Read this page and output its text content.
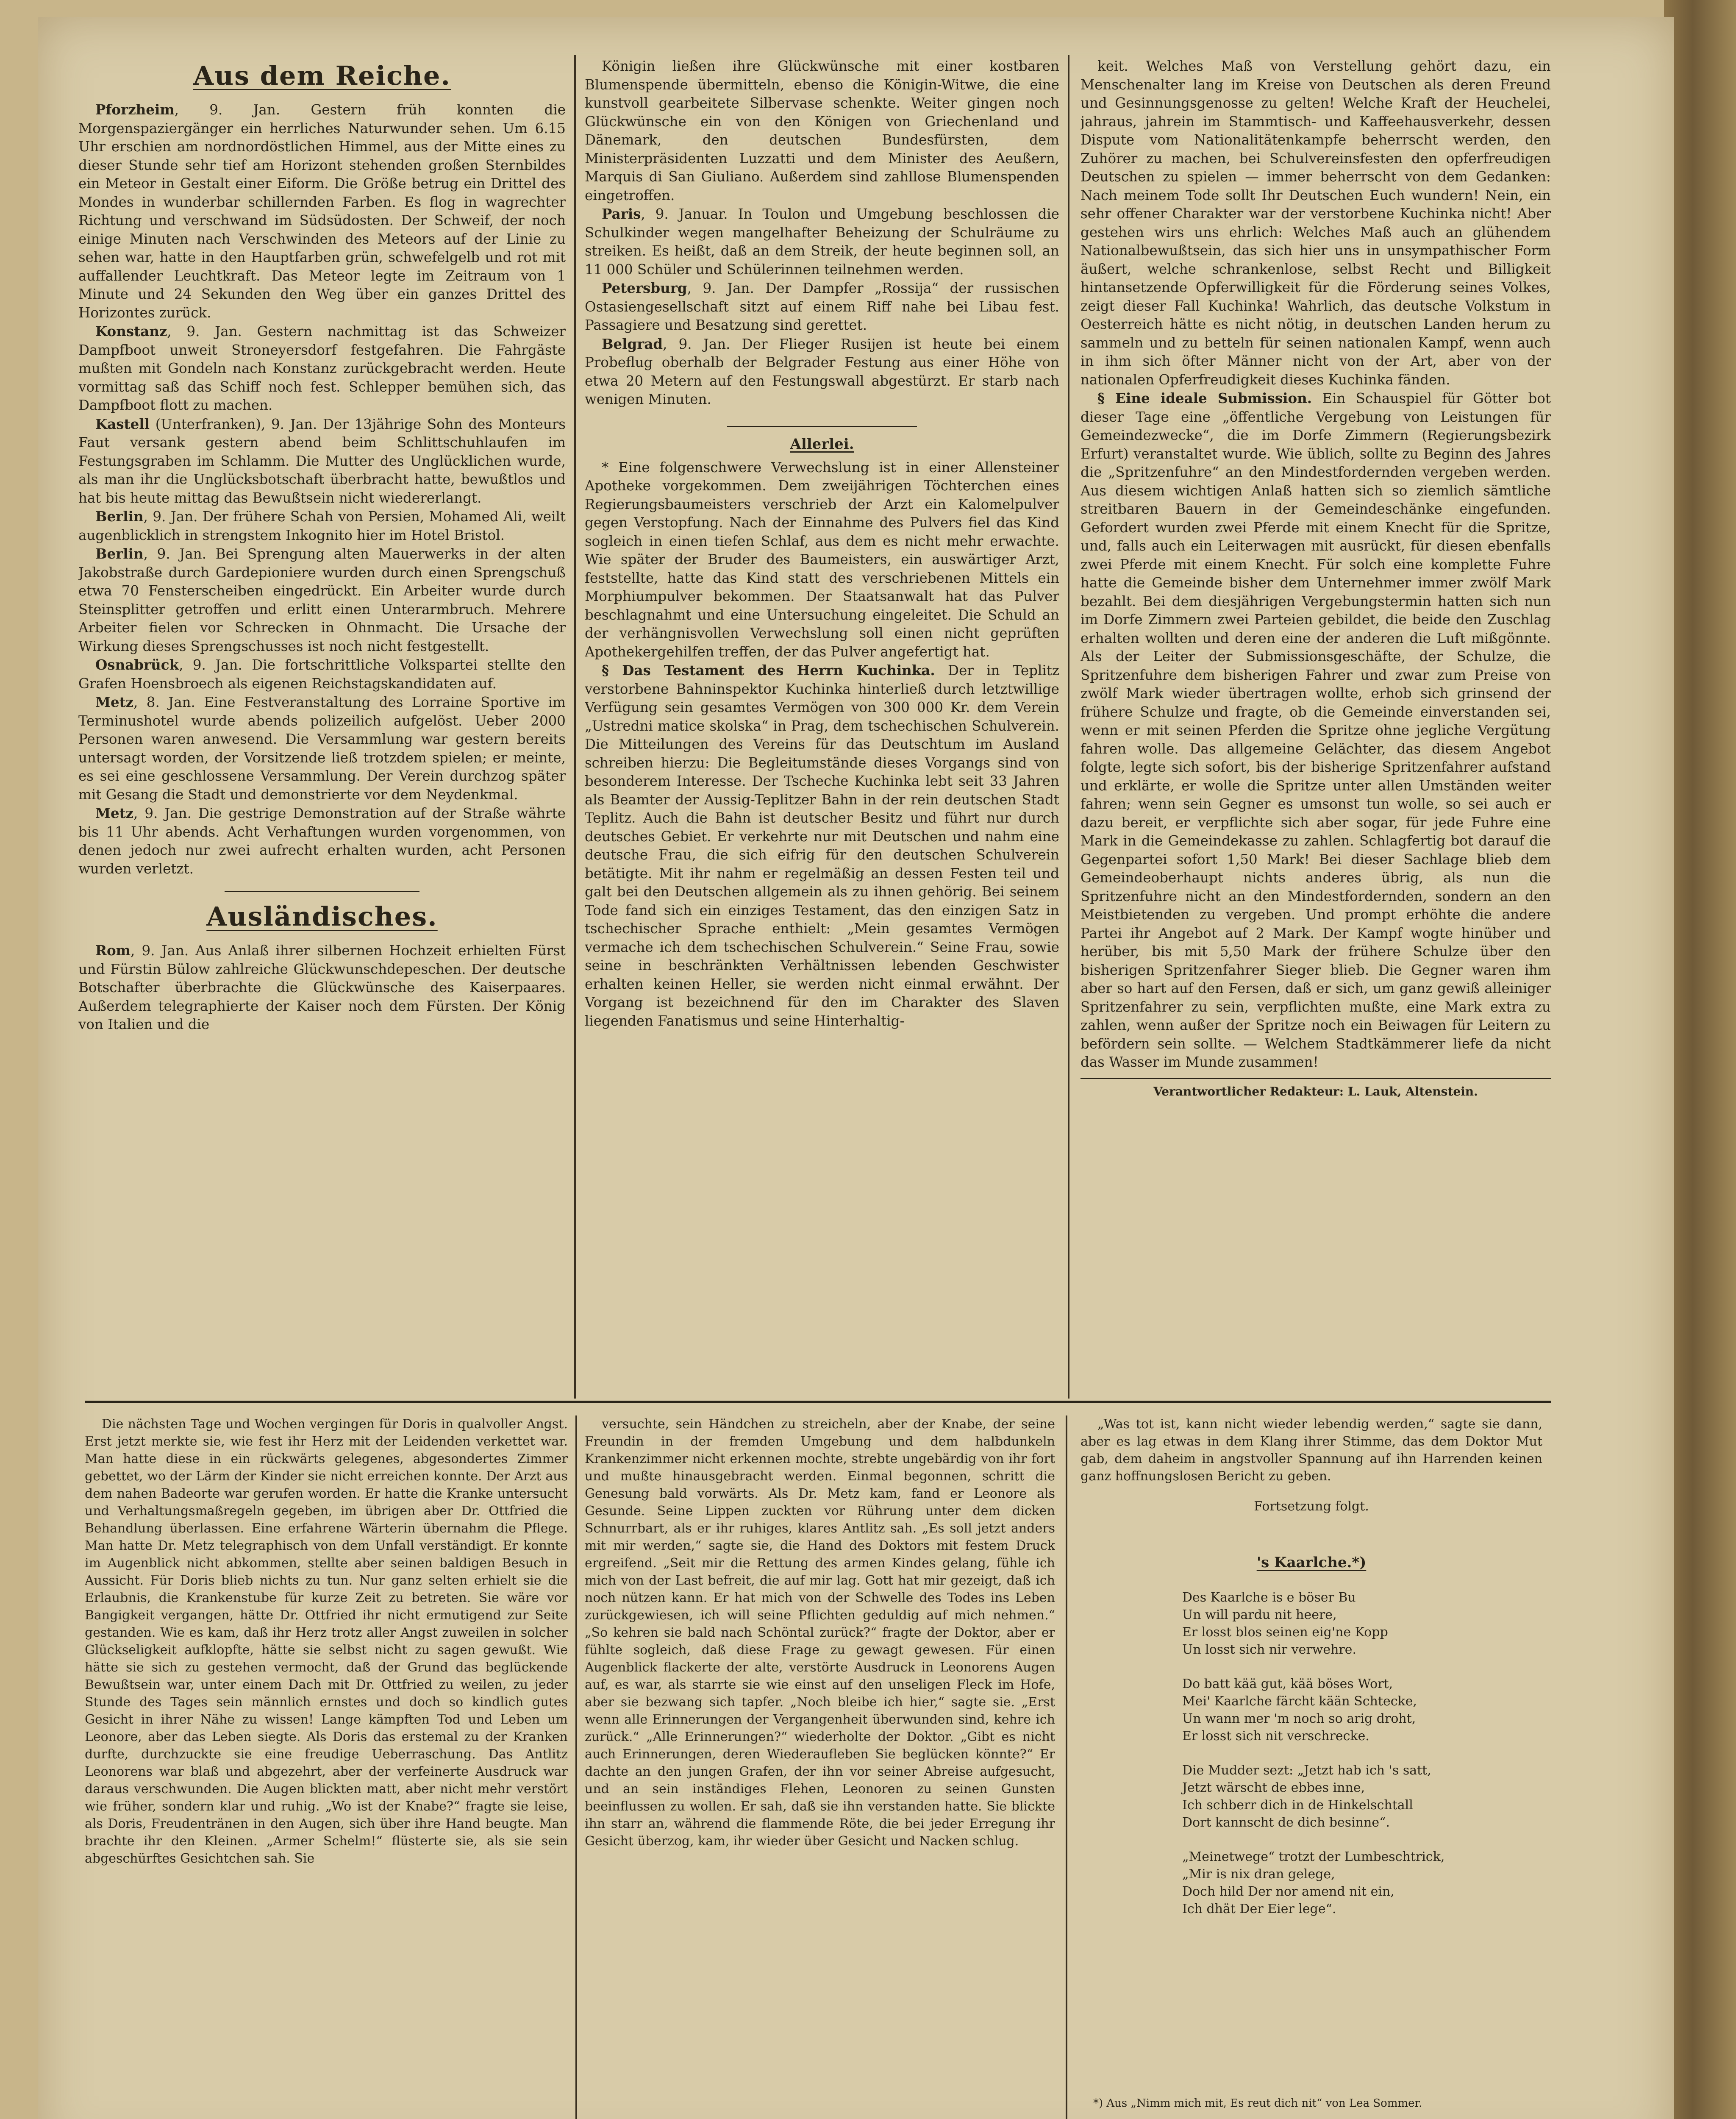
Aus dem Reiche.

Pforzheim, 9. Jan. Gestern früh konnten die Morgenspaziergänger ein herrliches Naturwunder sehen. Um 6.15 Uhr erschien am nordnordöstlichen Himmel, aus der Mitte eines zu dieser Stunde sehr tief am Horizont stehenden großen Sternbildes ein Meteor in Gestalt einer Eiform. Die Größe betrug ein Drittel des Mondes in wunderbar schillernden Farben. Es flog in wagrechter Richtung und verschwand im Südsüdosten. Der Schweif, der noch einige Minuten nach Verschwinden des Meteors auf der Linie zu sehen war, hatte in den Hauptfarben grün, schwefelgelb und rot mit auffallender Leuchtkraft. Das Meteor legte im Zeitraum von 1 Minute und 24 Sekunden den Weg über ein ganzes Drittel des Horizontes zurück.

Konstanz, 9. Jan. Gestern nachmittag ist das Schweizer Dampfboot unweit Stroneyersdorf festgefahren. Die Fahrgäste mußten mit Gondeln nach Konstanz zurückgebracht werden. Heute vormittag saß das Schiff noch fest. Schlepper bemühen sich, das Dampfboot flott zu machen.

Kastell (Unterfranken), 9. Jan. Der 13jährige Sohn des Monteurs Faut versank gestern abend beim Schlittschuhlaufen im Festungsgraben im Schlamm. Die Mutter des Unglücklichen wurde, als man ihr die Unglücksbotschaft überbracht hatte, bewußtlos und hat bis heute mittag das Bewußtsein nicht wiedererlangt.

Berlin, 9. Jan. Der frühere Schah von Persien, Mohamed Ali, weilt augenblicklich in strengstem Inkognito hier im Hotel Bristol.

Berlin, 9. Jan. Bei Sprengung alten Mauerwerks in der alten Jakobstraße durch Gardepioniere wurden durch einen Sprengschuß etwa 70 Fensterscheiben eingedrückt. Ein Arbeiter wurde durch Steinsplitter getroffen und erlitt einen Unterarmbruch. Mehrere Arbeiter fielen vor Schrecken in Ohnmacht. Die Ursache der Wirkung dieses Sprengschusses ist noch nicht festgestellt.

Osnabrück, 9. Jan. Die fortschrittliche Volkspartei stellte den Grafen Hoensbroech als eigenen Reichstagskandidaten auf.

Metz, 8. Jan. Eine Festveranstaltung des Lorraine Sportive im Terminushotel wurde abends polizeilich aufgelöst. Ueber 2000 Personen waren anwesend. Die Versammlung war gestern bereits untersagt worden, der Vorsitzende ließ trotzdem spielen; er meinte, es sei eine geschlossene Versammlung. Der Verein durchzog später mit Gesang die Stadt und demonstrierte vor dem Neydenkmal.

Metz, 9. Jan. Die gestrige Demonstration auf der Straße währte bis 11 Uhr abends. Acht Verhaftungen wurden vorgenommen, von denen jedoch nur zwei aufrecht erhalten wurden, acht Personen wurden verletzt.

Ausländisches.

Rom, 9. Jan. Aus Anlaß ihrer silbernen Hochzeit erhielten Fürst und Fürstin Bülow zahlreiche Glückwunschdepeschen. Der deutsche Botschafter überbrachte die Glückwünsche des Kaiserpaares. Außerdem telegraphierte der Kaiser noch dem Fürsten. Der König von Italien und die

Königin ließen ihre Glückwünsche mit einer kostbaren Blumenspende übermitteln, ebenso die Königin-Witwe, die eine kunstvoll gearbeitete Silbervase schenkte. Weiter gingen noch Glückwünsche ein von den Königen von Griechenland und Dänemark, den deutschen Bundesfürsten, dem Ministerpräsidenten Luzzatti und dem Minister des Aeußern, Marquis di San Giuliano. Außerdem sind zahllose Blumenspenden eingetroffen.

Paris, 9. Januar. In Toulon und Umgebung beschlossen die Schulkinder wegen mangelhafter Beheizung der Schulräume zu streiken. Es heißt, daß an dem Streik, der heute beginnen soll, an 11 000 Schüler und Schülerinnen teilnehmen werden.

Petersburg, 9. Jan. Der Dampfer „Rossija“ der russischen Ostasiengesellschaft sitzt auf einem Riff nahe bei Libau fest. Passagiere und Besatzung sind gerettet.

Belgrad, 9. Jan. Der Flieger Rusijen ist heute bei einem Probeflug oberhalb der Belgrader Festung aus einer Höhe von etwa 20 Metern auf den Festungswall abgestürzt. Er starb nach wenigen Minuten.

Allerlei.

* Eine folgenschwere Verwechslung ist in einer Allensteiner Apotheke vorgekommen. Dem zweijährigen Töchterchen eines Regierungsbaumeisters verschrieb der Arzt ein Kalomelpulver gegen Verstopfung. Nach der Einnahme des Pulvers fiel das Kind sogleich in einen tiefen Schlaf, aus dem es nicht mehr erwachte. Wie später der Bruder des Baumeisters, ein auswärtiger Arzt, feststellte, hatte das Kind statt des verschriebenen Mittels ein Morphiumpulver bekommen. Der Staatsanwalt hat das Pulver beschlagnahmt und eine Untersuchung eingeleitet. Die Schuld an der verhängnisvollen Verwechslung soll einen nicht geprüften Apothekergehilfen treffen, der das Pulver angefertigt hat.

§ Das Testament des Herrn Kuchinka. Der in Teplitz verstorbene Bahninspektor Kuchinka hinterließ durch letztwillige Verfügung sein gesamtes Vermögen von 300 000 Kr. dem Verein „Ustredni matice skolska“ in Prag, dem tschechischen Schulverein. Die Mitteilungen des Vereins für das Deutschtum im Ausland schreiben hierzu: Die Begleitumstände dieses Vorgangs sind von besonderem Interesse. Der Tscheche Kuchinka lebt seit 33 Jahren als Beamter der Aussig-Teplitzer Bahn in der rein deutschen Stadt Teplitz. Auch die Bahn ist deutscher Besitz und führt nur durch deutsches Gebiet. Er verkehrte nur mit Deutschen und nahm eine deutsche Frau, die sich eifrig für den deutschen Schulverein betätigte. Mit ihr nahm er regelmäßig an dessen Festen teil und galt bei den Deutschen allgemein als zu ihnen gehörig. Bei seinem Tode fand sich ein einziges Testament, das den einzigen Satz in tschechischer Sprache enthielt: „Mein gesamtes Vermögen vermache ich dem tschechischen Schulverein.“ Seine Frau, sowie seine in beschränkten Verhältnissen lebenden Geschwister erhalten keinen Heller, sie werden nicht einmal erwähnt. Der Vorgang ist bezeichnend für den im Charakter des Slaven liegenden Fanatismus und seine Hinterhaltig-

keit. Welches Maß von Verstellung gehört dazu, ein Menschenalter lang im Kreise von Deutschen als deren Freund und Gesinnungsgenosse zu gelten! Welche Kraft der Heuchelei, jahraus, jahrein im Stammtisch- und Kaffeehausverkehr, dessen Dispute vom Nationalitätenkampfe beherrscht werden, den Zuhörer zu machen, bei Schulvereinsfesten den opferfreudigen Deutschen zu spielen — immer beherrscht von dem Gedanken: Nach meinem Tode sollt Ihr Deutschen Euch wundern! Nein, ein sehr offener Charakter war der verstorbene Kuchinka nicht! Aber gestehen wirs uns ehrlich: Welches Maß auch an glühendem Nationalbewußtsein, das sich hier uns in unsympathischer Form äußert, welche schrankenlose, selbst Recht und Billigkeit hintansetzende Opferwilligkeit für die Förderung seines Volkes, zeigt dieser Fall Kuchinka! Wahrlich, das deutsche Volkstum in Oesterreich hätte es nicht nötig, in deutschen Landen herum zu sammeln und zu betteln für seinen nationalen Kampf, wenn auch in ihm sich öfter Männer nicht von der Art, aber von der nationalen Opferfreudigkeit dieses Kuchinka fänden.

§ Eine ideale Submission. Ein Schauspiel für Götter bot dieser Tage eine „öffentliche Vergebung von Leistungen für Gemeindezwecke“, die im Dorfe Zimmern (Regierungsbezirk Erfurt) veranstaltet wurde. Wie üblich, sollte zu Beginn des Jahres die „Spritzenfuhre“ an den Mindestfordernden vergeben werden. Aus diesem wichtigen Anlaß hatten sich so ziemlich sämtliche streitbaren Bauern in der Gemeindeschänke eingefunden. Gefordert wurden zwei Pferde mit einem Knecht für die Spritze, und, falls auch ein Leiterwagen mit ausrückt, für diesen ebenfalls zwei Pferde mit einem Knecht. Für solch eine komplette Fuhre hatte die Gemeinde bisher dem Unternehmer immer zwölf Mark bezahlt. Bei dem diesjährigen Vergebungstermin hatten sich nun im Dorfe Zimmern zwei Parteien gebildet, die beide den Zuschlag erhalten wollten und deren eine der anderen die Luft mißgönnte. Als der Leiter der Submissionsgeschäfte, der Schulze, die Spritzenfuhre dem bisherigen Fahrer und zwar zum Preise von zwölf Mark wieder übertragen wollte, erhob sich grinsend der frühere Schulze und fragte, ob die Gemeinde einverstanden sei, wenn er mit seinen Pferden die Spritze ohne jegliche Vergütung fahren wolle. Das allgemeine Gelächter, das diesem Angebot folgte, legte sich sofort, bis der bisherige Spritzenfahrer aufstand und erklärte, er wolle die Spritze unter allen Umständen weiter fahren; wenn sein Gegner es umsonst tun wolle, so sei auch er dazu bereit, er verpflichte sich aber sogar, für jede Fuhre eine Mark in die Gemeindekasse zu zahlen. Schlagfertig bot darauf die Gegenpartei sofort 1,50 Mark! Bei dieser Sachlage blieb dem Gemeindeoberhaupt nichts anderes übrig, als nun die Spritzenfuhre nicht an den Mindestfordernden, sondern an den Meistbietenden zu vergeben. Und prompt erhöhte die andere Partei ihr Angebot auf 2 Mark. Der Kampf wogte hinüber und herüber, bis mit 5,50 Mark der frühere Schulze über den bisherigen Spritzenfahrer Sieger blieb. Die Gegner waren ihm aber so hart auf den Fersen, daß er sich, um ganz gewiß alleiniger Spritzenfahrer zu sein, verpflichten mußte, eine Mark extra zu zahlen, wenn außer der Spritze noch ein Beiwagen für Leitern zu befördern sein sollte. — Welchem Stadtkämmerer liefe da nicht das Wasser im Munde zusammen!

Verantwortlicher Redakteur: L. Lauk, Altenstein.

Die nächsten Tage und Wochen vergingen für Doris in qualvoller Angst. Erst jetzt merkte sie, wie fest ihr Herz mit der Leidenden verkettet war. Man hatte diese in ein rückwärts gelegenes, abgesondertes Zimmer gebettet, wo der Lärm der Kinder sie nicht erreichen konnte. Der Arzt aus dem nahen Badeorte war gerufen worden. Er hatte die Kranke untersucht und Verhaltungsmaßregeln gegeben, im übrigen aber Dr. Ottfried die Behandlung überlassen. Eine erfahrene Wärterin übernahm die Pflege. Man hatte Dr. Metz telegraphisch von dem Unfall verständigt. Er konnte im Augenblick nicht abkommen, stellte aber seinen baldigen Besuch in Aussicht. Für Doris blieb nichts zu tun. Nur ganz selten erhielt sie die Erlaubnis, die Krankenstube für kurze Zeit zu betreten. Sie wäre vor Bangigkeit vergangen, hätte Dr. Ottfried ihr nicht ermutigend zur Seite gestanden. Wie es kam, daß ihr Herz trotz aller Angst zuweilen in solcher Glückseligkeit aufklopfte, hätte sie selbst nicht zu sagen gewußt. Wie hätte sie sich zu gestehen vermocht, daß der Grund das beglückende Bewußtsein war, unter einem Dach mit Dr. Ottfried zu weilen, zu jeder Stunde des Tages sein männlich ernstes und doch so kindlich gutes Gesicht in ihrer Nähe zu wissen! Lange kämpften Tod und Leben um Leonore, aber das Leben siegte. Als Doris das erstemal zu der Kranken durfte, durchzuckte sie eine freudige Ueberraschung. Das Antlitz Leonorens war blaß und abgezehrt, aber der verfeinerte Ausdruck war daraus verschwunden. Die Augen blickten matt, aber nicht mehr verstört wie früher, sondern klar und ruhig. „Wo ist der Knabe?“ fragte sie leise, als Doris, Freudentränen in den Augen, sich über ihre Hand beugte. Man brachte ihr den Kleinen. „Armer Schelm!“ flüsterte sie, als sie sein abgeschürftes Gesichtchen sah. Sie

versuchte, sein Händchen zu streicheln, aber der Knabe, der seine Freundin in der fremden Umgebung und dem halbdunkeln Krankenzimmer nicht erkennen mochte, strebte ungebärdig von ihr fort und mußte hinausgebracht werden. Einmal begonnen, schritt die Genesung bald vorwärts. Als Dr. Metz kam, fand er Leonore als Gesunde. Seine Lippen zuckten vor Rührung unter dem dicken Schnurrbart, als er ihr ruhiges, klares Antlitz sah. „Es soll jetzt anders mit mir werden,“ sagte sie, die Hand des Doktors mit festem Druck ergreifend. „Seit mir die Rettung des armen Kindes gelang, fühle ich mich von der Last befreit, die auf mir lag. Gott hat mir gezeigt, daß ich noch nützen kann. Er hat mich von der Schwelle des Todes ins Leben zurückgewiesen, ich will seine Pflichten geduldig auf mich nehmen.“ „So kehren sie bald nach Schöntal zurück?“ fragte der Doktor, aber er fühlte sogleich, daß diese Frage zu gewagt gewesen. Für einen Augenblick flackerte der alte, verstörte Ausdruck in Leonorens Augen auf, es war, als starrte sie wie einst auf den unseligen Fleck im Hofe, aber sie bezwang sich tapfer. „Noch bleibe ich hier,“ sagte sie. „Erst wenn alle Erinnerungen der Vergangenheit überwunden sind, kehre ich zurück.“ „Alle Erinnerungen?“ wiederholte der Doktor. „Gibt es nicht auch Erinnerungen, deren Wiederaufleben Sie beglücken könnte?“ Er dachte an den jungen Grafen, der ihn vor seiner Abreise aufgesucht, und an sein inständiges Flehen, Leonoren zu seinen Gunsten beeinflussen zu wollen. Er sah, daß sie ihn verstanden hatte. Sie blickte ihn starr an, während die flammende Röte, die bei jeder Erregung ihr Gesicht überzog, kam, ihr wieder über Gesicht und Nacken schlug.

„Was tot ist, kann nicht wieder lebendig werden,“ sagte sie dann, aber es lag etwas in dem Klang ihrer Stimme, das dem Doktor Mut gab, dem daheim in angstvoller Spannung auf ihn Harrenden keinen ganz hoffnungslosen Bericht zu geben.

Fortsetzung folgt.

's Kaarlche.*)
Des Kaarlche is e böser Bu
Un will pardu nit heere,
Er losst blos seinen eig'ne Kopp
Un losst sich nir verwehre.
Do batt kää gut, kää böses Wort,
Mei' Kaarlche färcht kään Schtecke,
Un wann mer 'm noch so arig droht,
Er losst sich nit verschrecke.
Die Mudder sezt: „Jetzt hab ich 's satt,
Jetzt wärscht de ebbes inne,
Ich schberr dich in de Hinkelschtall
Dort kannscht de dich besinne“.
„Meinetwege“ trotzt der Lumbeschtrick,
„Mir is nix dran gelege,
Doch hild Der nor amend nit ein,
Ich dhät Der Eier lege“.
*) Aus „Nimm mich mit, Es reut dich nit“ von Lea Sommer.
